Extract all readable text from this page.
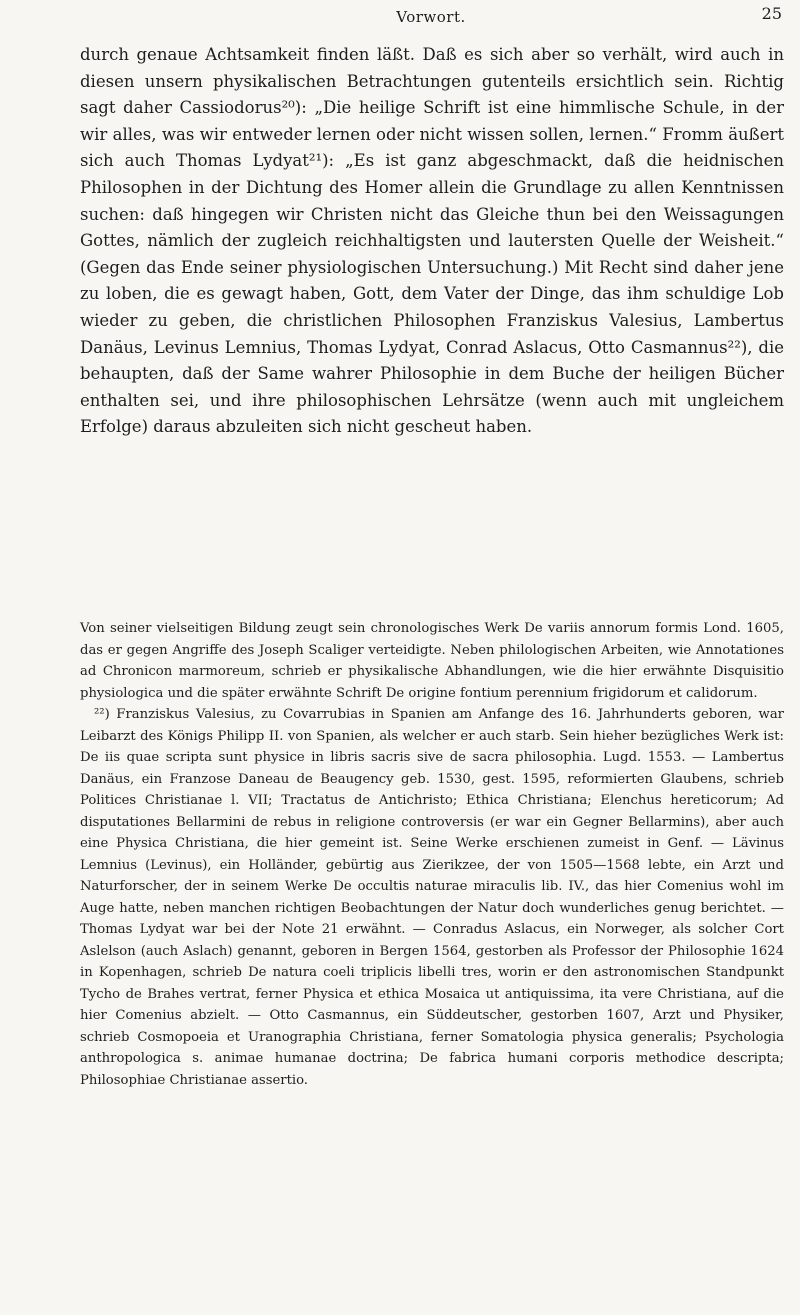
Vorwort.	25

durch genaue Achtsamkeit finden läßt. Daß es sich aber so verhält, wird auch in diesen unsern physikalischen Betrachtungen gutenteils ersichtlich sein. Richtig sagt daher Cassiodorus²⁰): „Die heilige Schrift ist eine himmlische Schule, in der wir alles, was wir entweder lernen oder nicht wissen sollen, lernen.“ Fromm äußert sich auch Thomas Lydyat²¹): „Es ist ganz abgeschmackt, daß die heidnischen Philosophen in der Dichtung des Homer allein die Grundlage zu allen Kenntnissen suchen: daß hingegen wir Christen nicht das Gleiche thun bei den Weissagungen Gottes, nämlich der zugleich reichhaltigsten und lautersten Quelle der Weisheit.“ (Gegen das Ende seiner physiologischen Untersuchung.) Mit Recht sind daher jene zu loben, die es gewagt haben, Gott, dem Vater der Dinge, das ihm schuldige Lob wieder zu geben, die christlichen Philosophen Franziskus Valesius, Lambertus Danäus, Levinus Lemnius, Thomas Lydyat, Conrad Aslacus, Otto Casmannus²²), die behaupten, daß der Same wahrer Philosophie in dem Buche der heiligen Bücher enthalten sei, und ihre philosophischen Lehrsätze (wenn auch mit ungleichem Erfolge) daraus abzuleiten sich nicht gescheut haben.

Von seiner vielseitigen Bildung zeugt sein chronologisches Werk De variis annorum formis Lond. 1605, das er gegen Angriffe des Joseph Scaliger verteidigte. Neben philologischen Arbeiten, wie Annotationes ad Chronicon marmoreum, schrieb er physikalische Abhandlungen, wie die hier erwähnte Disquisitio physiologica und die später erwähnte Schrift De origine fontium perennium frigidorum et calidorum.

²²) Franziskus Valesius, zu Covarrubias in Spanien am Anfange des 16. Jahrhunderts geboren, war Leibarzt des Königs Philipp II. von Spanien, als welcher er auch starb. Sein hieher bezügliches Werk ist: De iis quae scripta sunt physice in libris sacris sive de sacra philosophia. Lugd. 1553. — Lambertus Danäus, ein Franzose Daneau de Beaugency geb. 1530, gest. 1595, reformierten Glaubens, schrieb Politices Christianae l. VII; Tractatus de Antichristo; Ethica Christiana; Elenchus hereticorum; Ad disputationes Bellarmini de rebus in religione controversis (er war ein Gegner Bellarmins), aber auch eine Physica Christiana, die hier gemeint ist. Seine Werke erschienen zumeist in Genf. — Lävinus Lemnius (Levinus), ein Holländer, gebürtig aus Zierikzee, der von 1505—1568 lebte, ein Arzt und Naturforscher, der in seinem Werke De occultis naturae miraculis lib. IV., das hier Comenius wohl im Auge hatte, neben manchen richtigen Beobachtungen der Natur doch wunderliches genug berichtet. — Thomas Lydyat war bei der Note 21 erwähnt. — Conradus Aslacus, ein Norweger, als solcher Cort Aslelson (auch Aslach) genannt, geboren in Bergen 1564, gestorben als Professor der Philosophie 1624 in Kopenhagen, schrieb De natura coeli triplicis libelli tres, worin er den astronomischen Standpunkt Tycho de Brahes vertrat, ferner Physica et ethica Mosaica ut antiquissima, ita vere Christiana, auf die hier Comenius abzielt. — Otto Casmannus, ein Süddeutscher, gestorben 1607, Arzt und Physiker, schrieb Cosmopoeia et Uranographia Christiana, ferner Somatologia physica generalis; Psychologia anthropologica s. animae humanae doctrina; De fabrica humani corporis methodice descripta; Philosophiae Christianae assertio.
